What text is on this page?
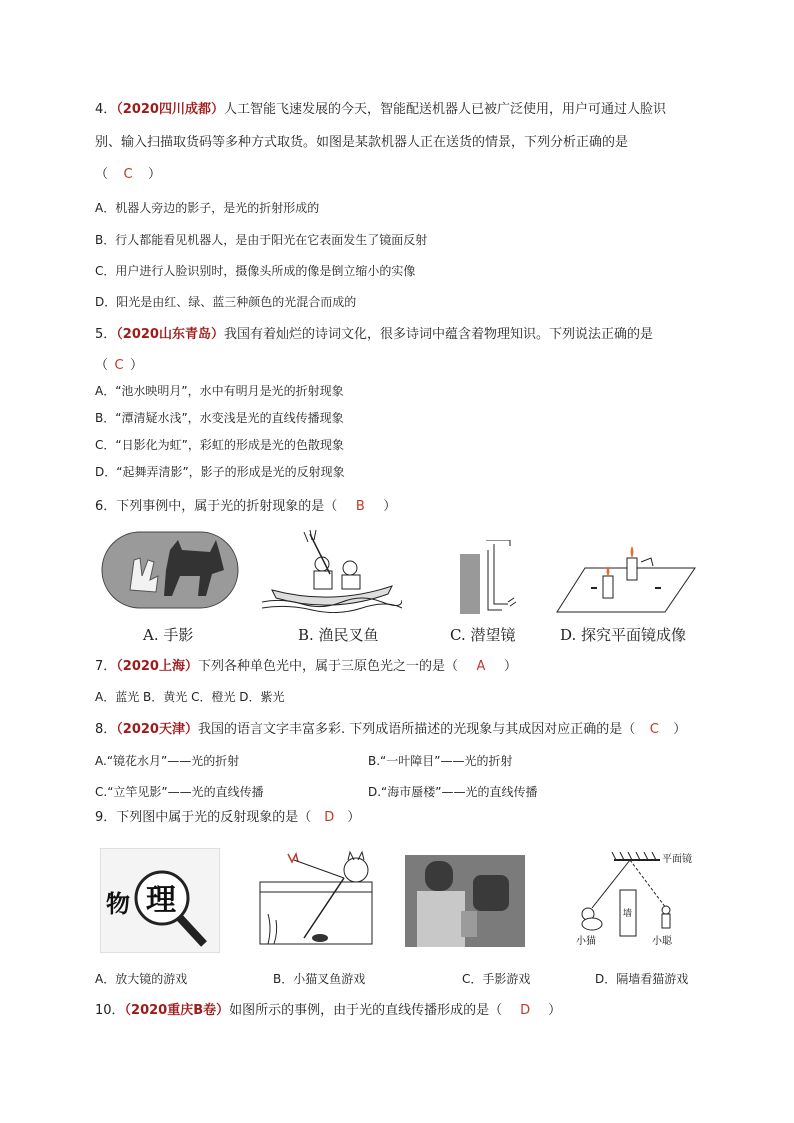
4．（2020四川成都）人工智能飞速发展的今天，智能配送机器人已被广泛使用，用户可通过人脸识
别、输入扫描取货码等多种方式取货。如图是某款机器人正在送货的情景，下列分析正确的是
（ C ）
A．机器人旁边的影子，是光的折射形成的
B．行人都能看见机器人，是由于阳光在它表面发生了镜面反射
C．用户进行人脸识别时，摄像头所成的像是倒立缩小的实像
D．阳光是由红、绿、蓝三种颜色的光混合而成的
5．（2020山东青岛）我国有着灿烂的诗词文化，很多诗词中蕴含着物理知识。下列说法正确的是
（ C ）
A．“池水映明月”，水中有明月是光的折射现象
B．“潭清疑水浅”，水变浅是光的直线传播现象
C．“日影化为虹”，彩虹的形成是光的色散现象
D．“起舞弄清影”，影子的形成是光的反射现象
6．下列事例中，属于光的折射现象的是（ B ）
A. 手影	B. 渔民叉鱼	C. 潜望镜	D. 探究平面镜成像
7．（2020上海）下列各种单色光中，属于三原色光之一的是（ A ）
A．蓝光 B．黄光 C．橙光 D．紫光
8．（2020天津）我国的语言文字丰富多彩. 下列成语所描述的光现象与其成因对应正确的是（ C ）
A.“镜花水月”——光的折射	B.“一叶障目”——光的折射
C.“立竿见影”——光的直线传播	D.“海市蜃楼”——光的直线传播
9．下列图中属于光的反射现象的是（ D ）
物 理
平面镜
墙
小猫	小聪
A．放大镜的游戏	B．小猫叉鱼游戏	C．手影游戏	D．隔墙看猫游戏
10．（2020重庆B卷）如图所示的事例，由于光的直线传播形成的是（ D ）
